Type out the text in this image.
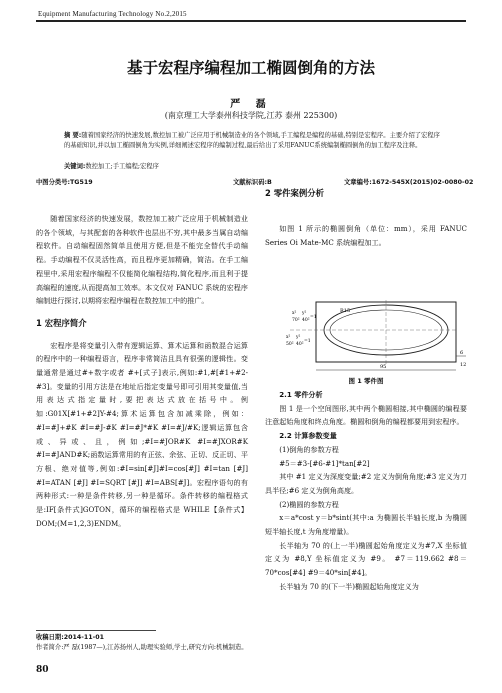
Equipment Manufacturing Technology No.2,2015
基于宏程序编程加工椭圆倒角的方法
严 磊
(南京理工大学泰州科技学院,江苏 泰州 225300)
摘 要:随着国家经济的快速发展,数控加工被广泛应用于机械制造业的各个领域,手工编程是编程的基础,特别是宏程序。主要介绍了宏程序的基础知识,并以加工椭圆倒角为实例,详细阐述宏程序的编制过程,最后给出了采用FANUC系统编制椭圆倒角的加工程序及注释。
关键词:数控加工;手工编程;宏程序
中图分类号:TG519	文献标识码:B	文章编号:1672-545X(2015)02-0080-02

随着国家经济的快速发展，数控加工被广泛应用于机械制造业的各个领域，与其配套的各种软件也层出不穷,其中最多当属自动编程软件。自动编程固然简单且使用方便,但是不能完全替代手动编程。手动编程不仅灵活性高，而且程序更加精确，简洁。在手工编程里中,采用宏程序编程不仅能简化编程结构,简化程序,而且利于提高编程的速度,从而提高加工效率。本文仅对 FANUC 系统的宏程序编制进行探讨,以期将宏程序编程在数控加工中的推广。

1 宏程序简介

宏程序是将变量引入带有逻辑运算、算术运算和函数混合运算的程序中的一种编程语言，程序非常简洁且具有很强的逻辑性。变量通常是通过#+数字或者 #+[式子]表示,例如:#1,#[#1+#2-#3]。变量的引用方法是在地址后指定变量号即可引用其变量值,当用表达式指定量时,要把表达式放在括号中。例如:G01X[#1+#2]Y-#4;算术运算包含加减乘除，例如：#I=#J+#K #I=#J-#K #I=#J*#K #I=#J/#K;逻辑运算包含或、异或、且，例如;#I=#JOR#K #I=#JXOR#K #I=#JAND#K;函数运算常用的有正弦、余弦、正切、反正切、平方根、绝对值等,例如:#I=sin[#J]#I=cos[#J] #I=tan [#J] #I=ATAN [#J] #I=SQRT [#J] #I=ABS[#J]。宏程序语句的有两种形式:一种是条件转移,另一种是循环。条件转移的编程格式是:IF[条件式]GOTON，循环的编程格式是 WHILE【条件式】DOM;(M=1,2,3)ENDM。

2 零件案例分析

如图 1 所示的椭圆倒角（单位：mm），采用 FANUC Series Oi Mate-MC 系统编程加工。

95
R15
x²
70²
y²
40²
=1
x²
50²
y²
40²
=1
6
12
图 1 零件图

2.1 零件分析

图 1 是一个空间图形,其中两个椭圆相接,其中椭圆的编程要注意起始角度和终点角度。椭圆和倒角的编程都要用到宏程序。

2.2 计算参数变量

(1)倒角的参数方程

#5＝#3-[#6-#1]*tan[#2]

其中 #1 定义为深度变量;#2 定义为倒角角度;#3 定义为刀具半径;#6 定义为倒角高度。

(2)椭圆的参数方程

x＝a*cost y＝b*sint(其中:a 为椭圆长半轴长度,b 为椭圆短半轴长度,t 为角度增量)。

长半轴为 70 的(上一半)椭圆起始角度定义为#7,X 坐标值定义为 #8,Y 坐标值定义为 #9。 #7＝119.662 #8＝70*cos[#4] #9＝40*sin[#4]。

长半轴为 70 的(下一半)椭圆起始角度定义为

收稿日期:2014-11-01
作者简介:严 磊(1987—),江苏扬州人,助理实验师,学士,研究方向:机械制造。
80
